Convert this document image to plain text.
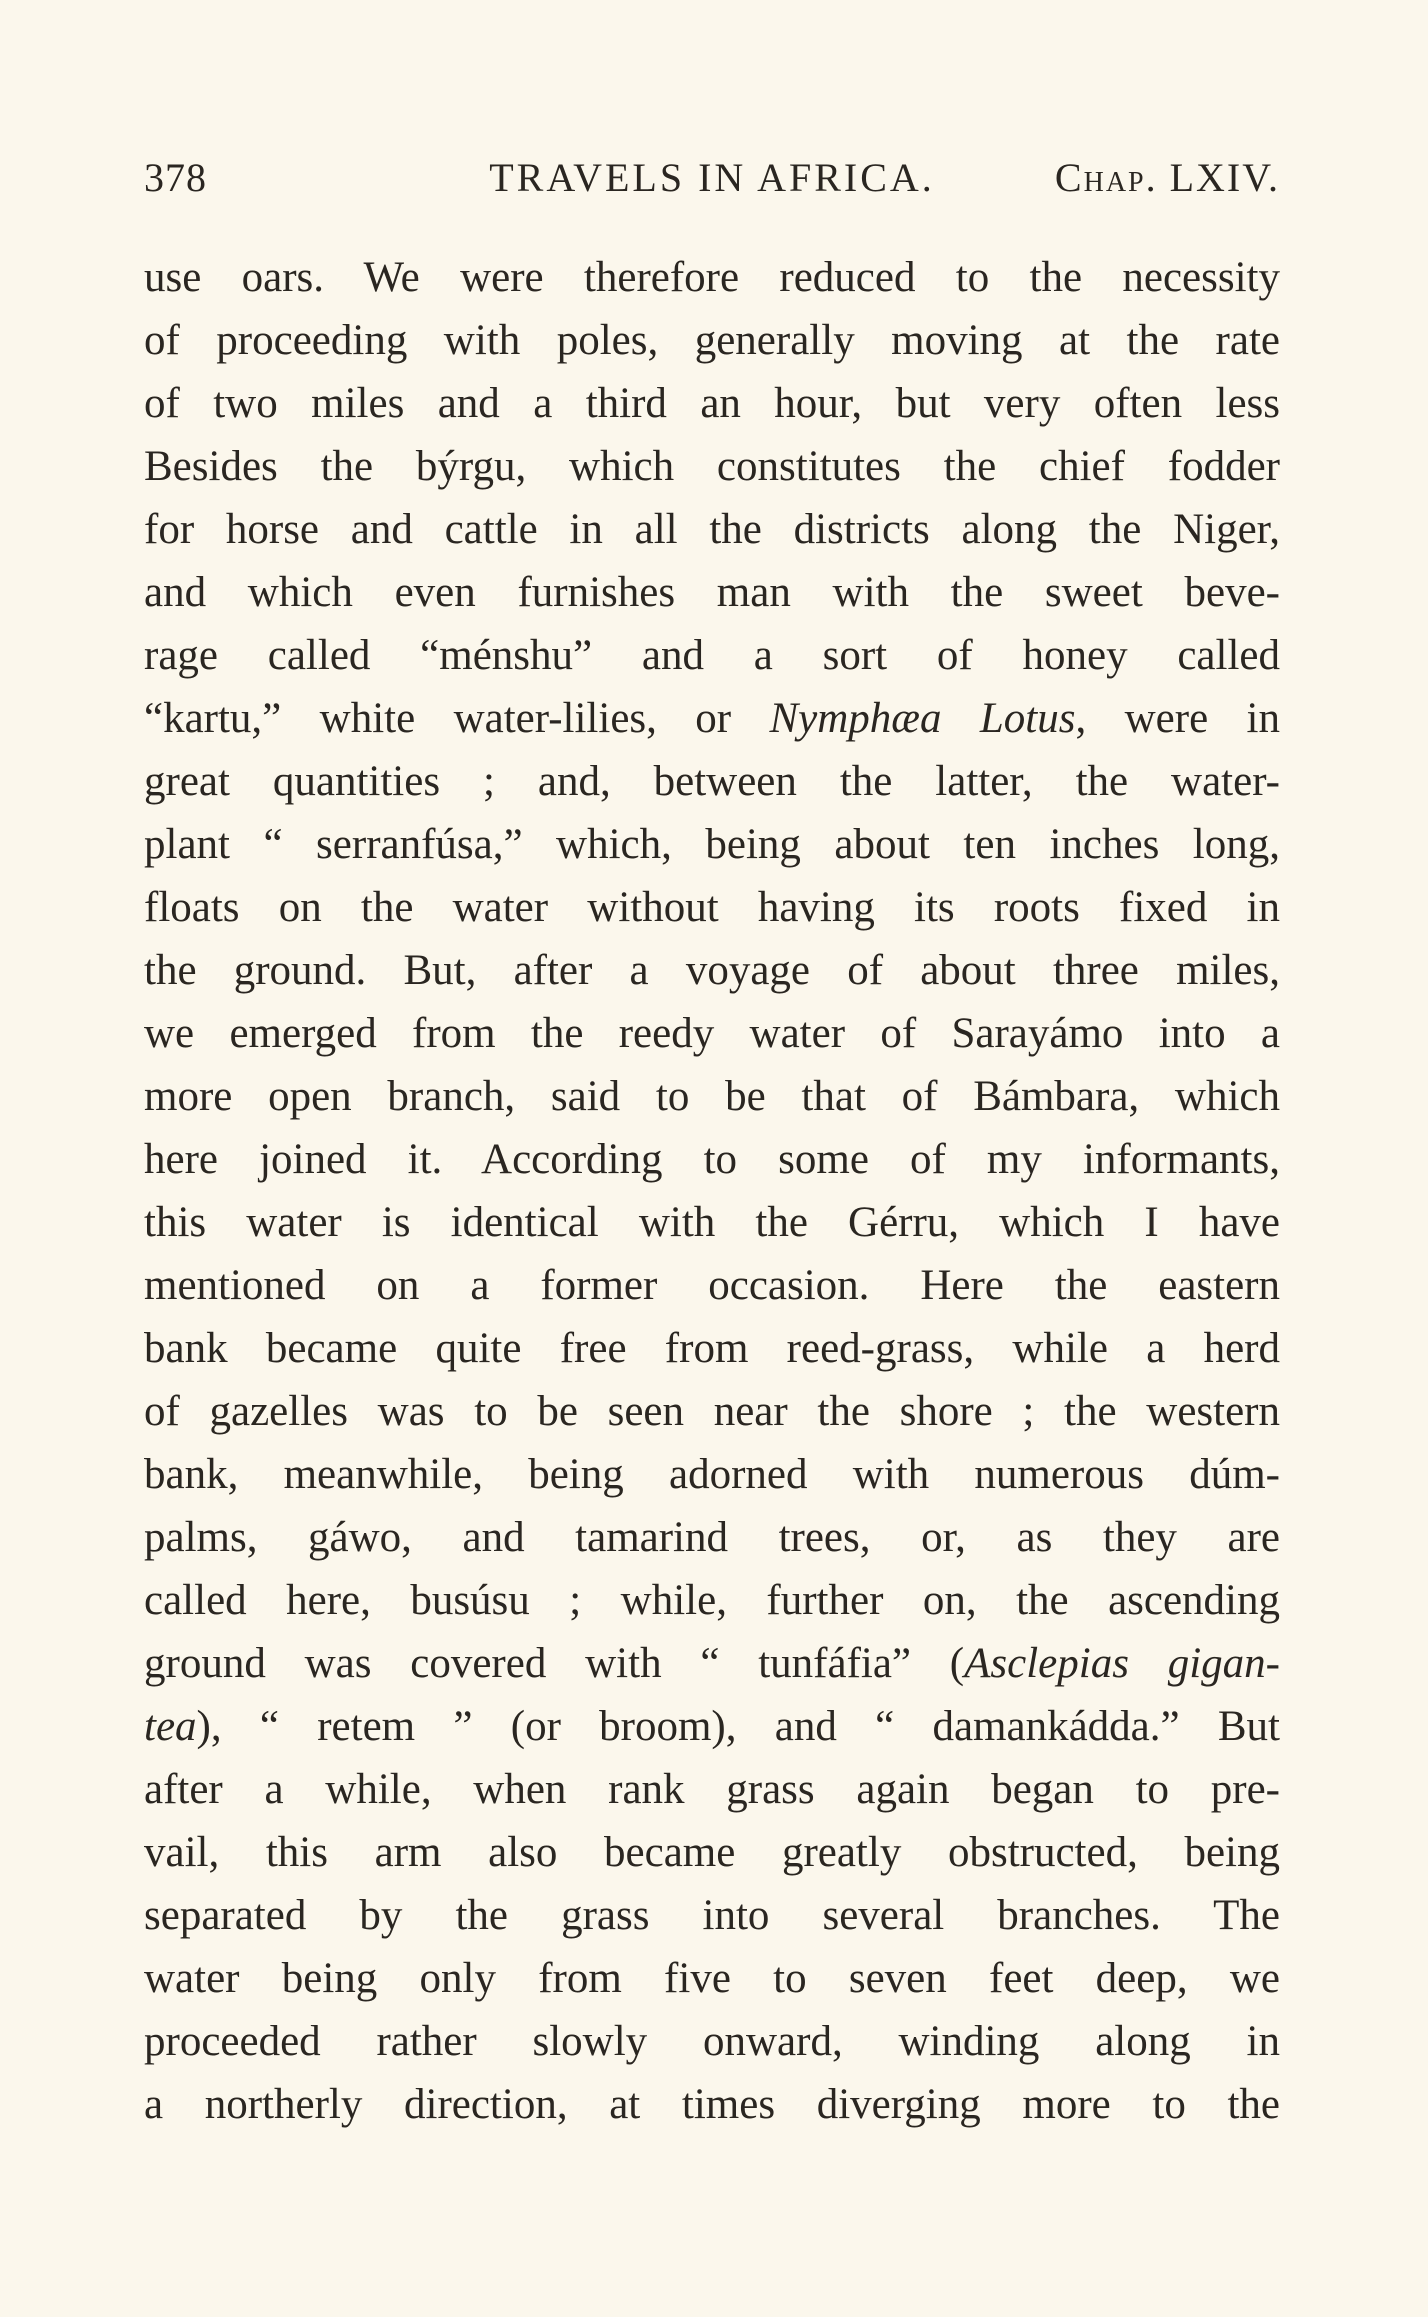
378	TRAVELS IN AFRICA.	Chap. LXIV.
use oars. We were therefore reduced to the necessity
of proceeding with poles, generally moving at the rate
of two miles and a third an hour, but very often less
Besides the býrgu, which constitutes the chief fodder
for horse and cattle in all the districts along the Niger,
and which even furnishes man with the sweet beve-
rage called “ménshu” and a sort of honey called
“kartu,” white water-lilies, or Nymphæa Lotus, were in
great quantities ; and, between the latter, the water-
plant “ serranfúsa,” which, being about ten inches long,
floats on the water without having its roots fixed in
the ground. But, after a voyage of about three miles,
we emerged from the reedy water of Sarayámo into a
more open branch, said to be that of Bámbara, which
here joined it. According to some of my informants,
this water is identical with the Gérru, which I have
mentioned on a former occasion. Here the eastern
bank became quite free from reed-grass, while a herd
of gazelles was to be seen near the shore ; the western
bank, meanwhile, being adorned with numerous dúm-
palms, gáwo, and tamarind trees, or, as they are
called here, busúsu ; while, further on, the ascending
ground was covered with “ tunfáfia” (Asclepias gigan-
tea), “ retem ” (or broom), and “ damankádda.” But
after a while, when rank grass again began to pre-
vail, this arm also became greatly obstructed, being
separated by the grass into several branches. The
water being only from five to seven feet deep, we
proceeded rather slowly onward, winding along in
a northerly direction, at times diverging more to the
